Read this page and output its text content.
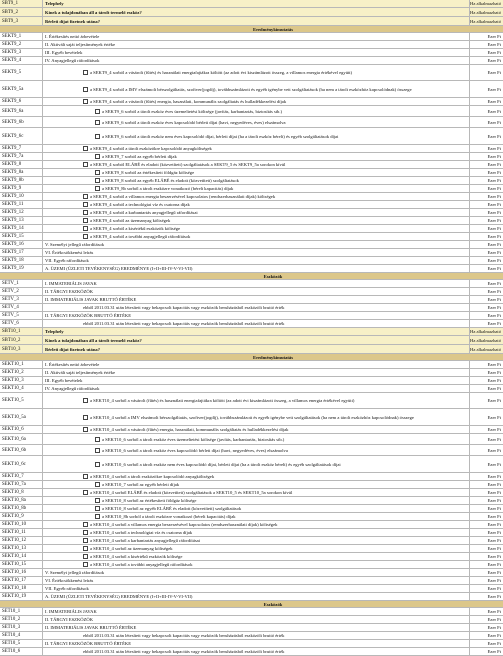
SBT9_1	Telephely	Ha alkalmazható
SBT9_2	Kinek a tulajdonában áll a tárolt termelő eszköz?	Ha alkalmazható
SBT9_3	Bérleti díjat fizetnek utána?	Ha alkalmazható
Eredménykimutatás
SEKT9_1	I. Értékesítés nettó árbevétele	Ezer Ft
SEKT9_2	II. Aktivált saját teljesítmények értéke	Ezer Ft
SEKT9_3	III. Egyéb bevételek	Ezer Ft
SEKT9_4	IV. Anyagjellegű ráfordítások	Ezer Ft
SEKT9_5	a SEKT9_4 sorból a vásárolt (fűtés) és használati energiafajtákra költött (az adott évi kiszámlázott összeg, a villamos energia értékével együtt)	Ezer Ft
SEKT9_5a	a SEKT9_4 sorból a IMV elszámolt bérszolgáltatás, szoftver(jogdíj), továbbszámlázott és egyéb igénybe vett szolgáltatások (ha nem a tárolt eszközhöz kapcsolódnak) összege	Ezer Ft
SEKT9_6	a SEKT9_4 sorból a vásárolt (fűtés) energia, használati, kommunális szolgáltatás és hulladékkezelési díjak	Ezer Ft
SEKT9_6a	a SEKT9_6 sorból a tárolt eszköz éves üzemeltetési költsége (javítás, karbantartás, biztosítás stb.)	Ezer Ft
SEKT9_6b	a SEKT9_6 sorból a tárolt eszköz éves kapcsolódó bérleti díjai (havi, negyedéves, éves) elszámolva	Ezer Ft
SEKT9_6c	a SEKT9_6 sorból a tárolt eszköz nem éves kapcsolódó díjai, bérleti díjai (ha a tárolt eszköz bérelt) és egyéb szolgáltatások díjai	Ezer Ft
SEKT9_7	a SEKT9_4 sorból a tárolt eszközökre kapcsolódó anyagköltségek	Ezer Ft
SEKT9_7a	a SEKT9_7 sorból az egyéb bérleti díjak	Ezer Ft
SEKT9_8	a SEKT9_4 sorból ELÁBÉ és eladott (közvetített) szolgáltatások a SEKT9_5 és SEKT9_5a sorokon kívül	Ezer Ft
SEKT9_8a	a SEKT9_8 sorból az értékesített földgáz költsége	Ezer Ft
SEKT9_8b	a SEKT9_8 sorból az egyéb ELÁBÉ és eladott (közvetített) szolgáltatások	Ezer Ft
SEKT9_9	a SEKT9_8b sorból a tárolt eszközre vonatkozó (bérelt kapacitás) díjak	Ezer Ft
SEKT9_10	a SEKT9_4 sorból a villamos energia beszerzésével kapcsolatos (rendszerhasználati díjak) költségek	Ezer Ft
SEKT9_11	a SEKT9_4 sorból a technológiai víz és csatorna díjak	Ezer Ft
SEKT9_12	a SEKT9_4 sorból a karbantartás anyagjellegű ráfordításai	Ezer Ft
SEKT9_13	a SEKT9_4 sorból az üzemanyag költségek	Ezer Ft
SEKT9_14	a SEKT9_4 sorból a kisértékű eszközök költsége	Ezer Ft
SEKT9_15	a SEKT9_4 sorból a további anyagjellegű ráfordítások	Ezer Ft
SEKT9_16	V. Személyi jellegű ráfordítások	Ezer Ft
SEKT9_17	VI. Értékcsökkenési leírás	Ezer Ft
SEKT9_18	VII. Egyéb ráfordítások	Ezer Ft
SEKT9_19	A. ÜZEMI (ÜZLETI TEVÉKENYSÉG) EREDMÉNYE (I+II+III-IV-V-VI-VII)	Ezer Ft
Eszközök
SETV_1	I. IMMATERIÁLIS JAVAK	Ezer Ft
SETV_2	II. TÁRGYI ESZKÖZÖK	Ezer Ft
SETV_3	II. IMMATERIÁLIS JAVAK BRUTTÓ ÉRTÉKE	Ezer Ft
SETV_4	ebből 2011.03.31 után létesített vagy bekapcsolt kapacitás vagy eszközök beruházásból eszközölt bruttó érték	Ezer Ft
SETV_5	II. TÁRGYI ESZKÖZÖK BRUTTÓ ÉRTÉKE	Ezer Ft
SETV_6	ebből 2011.03.31 után létesített vagy bekapcsolt kapacitás vagy eszközök beruházásból eszközölt bruttó érték	Ezer Ft
SBT10_1	Telephely	Ha alkalmazható
SBT10_2	Kinek a tulajdonában áll a tárolt termelő eszköz?	Ha alkalmazható
SBT10_3	Bérleti díjat fizetnek utána?	Ha alkalmazható
Eredménykimutatás
SEKT10_1	I. Értékesítés nettó árbevétele	Ezer Ft
SEKT10_2	II. Aktivált saját teljesítmények értéke	Ezer Ft
SEKT10_3	III. Egyéb bevételek	Ezer Ft
SEKT10_4	IV. Anyagjellegű ráfordítások	Ezer Ft
SEKT10_5	a SEKT10_4 sorból a vásárolt (fűtés) és használati energiafajtákra költött (az adott évi kiszámlázott összeg, a villamos energia értékével együtt)	Ezer Ft
SEKT10_5a	a SEKT10_4 sorból a IMV elszámolt bérszolgáltatás, szoftver(jogdíj), továbbszámlázott és egyéb igénybe vett szolgáltatások (ha nem a tárolt eszközhöz kapcsolódnak) összege	Ezer Ft
SEKT10_6	a SEKT10_4 sorból a vásárolt (fűtés) energia, használati, kommunális szolgáltatás és hulladékkezelési díjak	Ezer Ft
SEKT10_6a	a SEKT10_6 sorból a tárolt eszköz éves üzemeltetési költsége (javítás, karbantartás, biztosítás stb.)	Ezer Ft
SEKT10_6b	a SEKT10_6 sorból a tárolt eszköz éves kapcsolódó bérleti díjai (havi, negyedéves, éves) elszámolva	Ezer Ft
SEKT10_6c	a SEKT10_6 sorból a tárolt eszköz nem éves kapcsolódó díjai, bérleti díjai (ha a tárolt eszköz bérelt) és egyéb szolgáltatások díjai	Ezer Ft
SEKT10_7	a SEKT10_4 sorból a tárolt eszközökre kapcsolódó anyagköltségek	Ezer Ft
SEKT10_7a	a SEKT10_7 sorból az egyéb bérleti díjak	Ezer Ft
SEKT10_8	a SEKT10_4 sorból ELÁBÉ és eladott (közvetített) szolgáltatások a SEKT10_5 és SEKT10_5a sorokon kívül	Ezer Ft
SEKT10_8a	a SEKT10_8 sorból az értékesített földgáz költsége	Ezer Ft
SEKT10_8b	a SEKT10_8 sorból az egyéb ELÁBÉ és eladott (közvetített) szolgáltatások	Ezer Ft
SEKT10_9	a SEKT10_8b sorból a tárolt eszközre vonatkozó (bérelt kapacitás) díjak	Ezer Ft
SEKT10_10	a SEKT10_4 sorból a villamos energia beszerzésével kapcsolatos (rendszerhasználati díjak) költségek	Ezer Ft
SEKT10_11	a SEKT10_4 sorból a technológiai víz és csatorna díjak	Ezer Ft
SEKT10_12	a SEKT10_4 sorból a karbantartás anyagjellegű ráfordításai	Ezer Ft
SEKT10_13	a SEKT10_4 sorból az üzemanyag költségek	Ezer Ft
SEKT10_14	a SEKT10_4 sorból a kisértékű eszközök költsége	Ezer Ft
SEKT10_15	a SEKT10_4 sorból a további anyagjellegű ráfordítások	Ezer Ft
SEKT10_16	V. Személyi jellegű ráfordítások	Ezer Ft
SEKT10_17	VI. Értékcsökkenési leírás	Ezer Ft
SEKT10_18	VII. Egyéb ráfordítások	Ezer Ft
SEKT10_19	A. ÜZEMI (ÜZLETI TEVÉKENYSÉG) EREDMÉNYE (I+II+III-IV-V-VI-VII)	Ezer Ft
Eszközök
SET10_1	I. IMMATERIÁLIS JAVAK	Ezer Ft
SET10_2	II. TÁRGYI ESZKÖZÖK	Ezer Ft
SET10_3	II. IMMATERIÁLIS JAVAK BRUTTÓ ÉRTÉKE	Ezer Ft
SET10_4	ebből 2011.03.31 után létesített vagy bekapcsolt kapacitás vagy eszközök beruházásból eszközölt bruttó érték	Ezer Ft
SET10_5	II. TÁRGYI ESZKÖZÖK BRUTTÓ ÉRTÉKE	Ezer Ft
SET10_6	ebből 2011.03.31 után létesített vagy bekapcsolt kapacitás vagy eszközök beruházásból eszközölt bruttó érték	Ezer Ft
